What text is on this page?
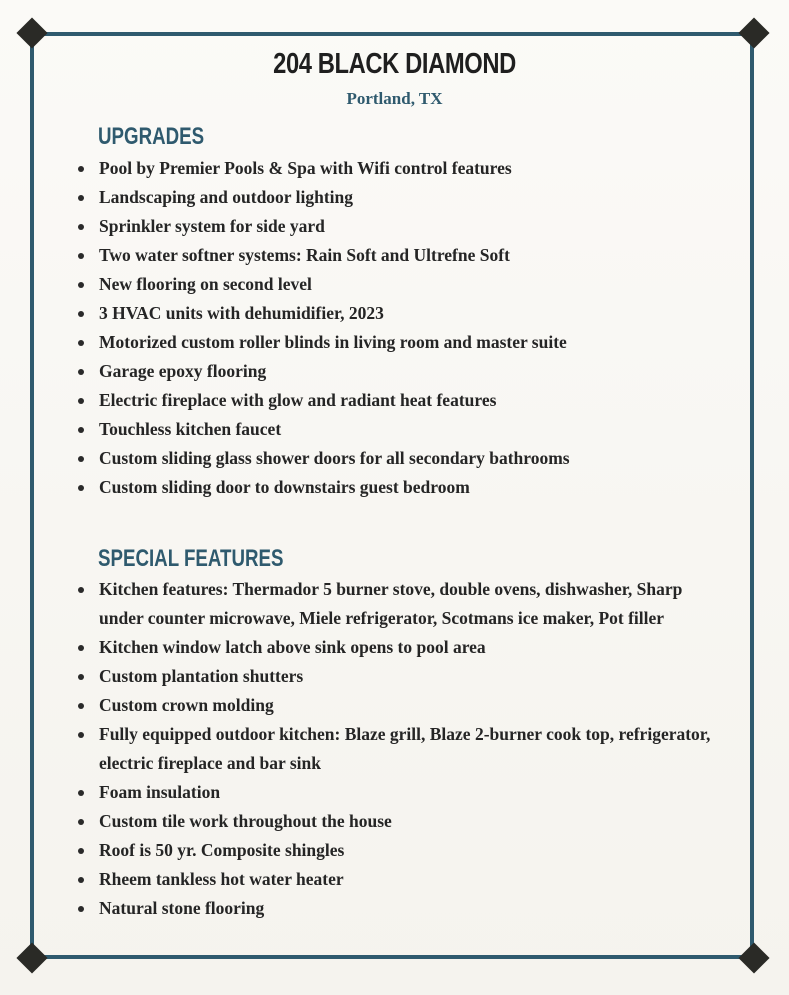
204 BLACK DIAMOND
Portland, TX
UPGRADES
Pool by Premier Pools & Spa with Wifi control features
Landscaping and outdoor lighting
Sprinkler system for side yard
Two water softner systems: Rain Soft and Ultrefne Soft
New flooring on second level
3 HVAC units with dehumidifier, 2023
Motorized custom roller blinds in living room and master suite
Garage epoxy flooring
Electric fireplace with glow and radiant heat features
Touchless kitchen faucet
Custom sliding glass shower doors for all secondary bathrooms
Custom sliding door to downstairs guest bedroom
SPECIAL FEATURES
Kitchen features: Thermador 5 burner stove, double ovens, dishwasher, Sharp under counter microwave, Miele refrigerator, Scotmans ice maker, Pot filler
Kitchen window latch above sink opens to pool area
Custom plantation shutters
Custom crown molding
Fully equipped outdoor kitchen: Blaze grill, Blaze 2-burner cook top, refrigerator, electric fireplace and bar sink
Foam insulation
Custom tile work throughout the house
Roof is 50 yr. Composite shingles
Rheem tankless hot water heater
Natural stone flooring
